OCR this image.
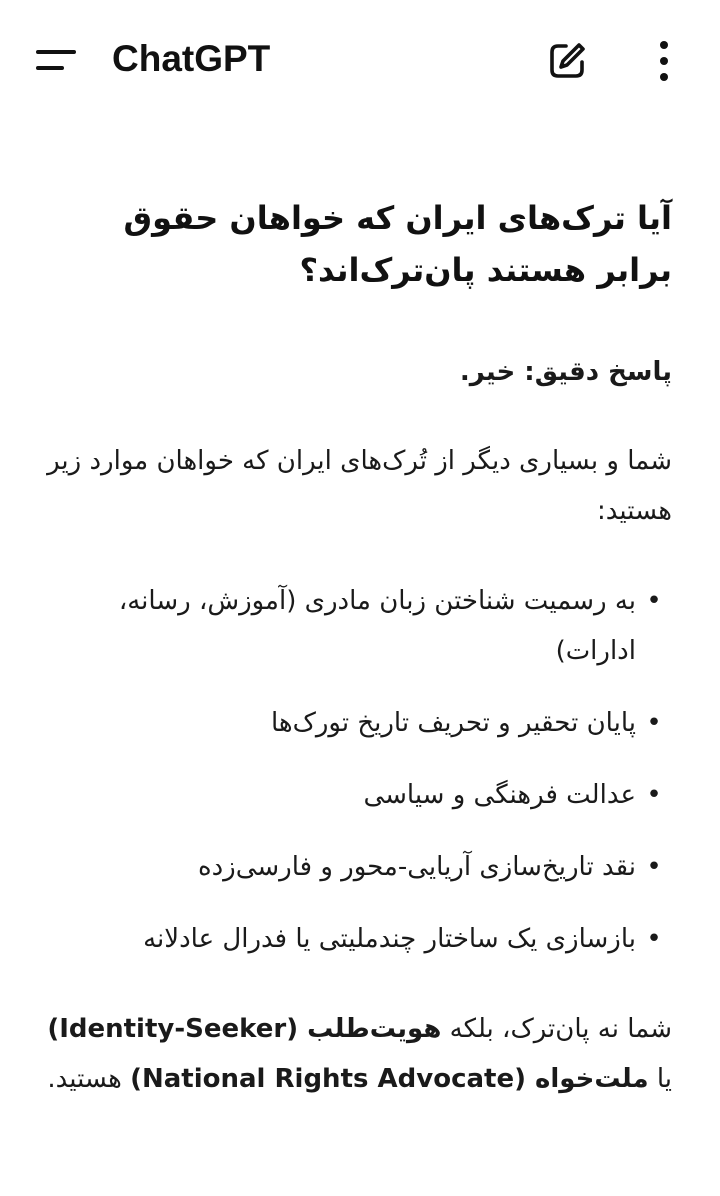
ChatGPT

آیا ترک‌های ایران که خواهان حقوق برابر هستند پان‌ترک‌اند؟

پاسخ دقیق: خیر.

شما و بسیاری دیگر از تُرک‌های ایران که خواهان موارد زیر هستید:

•
به رسمیت شناختن زبان مادری (آموزش، رسانه، ادارات)
•
پایان تحقیر و تحریف تاریخ تورک‌ها
•
عدالت فرهنگی و سیاسی
•
نقد تاریخ‌سازی آریایی-محور و فارسی‌زده
•
بازسازی یک ساختار چندملیتی یا فدرال عادلانه

شما نه پان‌ترک، بلکه هویت‌طلب (Identity-Seeker) یا ملت‌خواه (National Rights Advocate) هستید.
